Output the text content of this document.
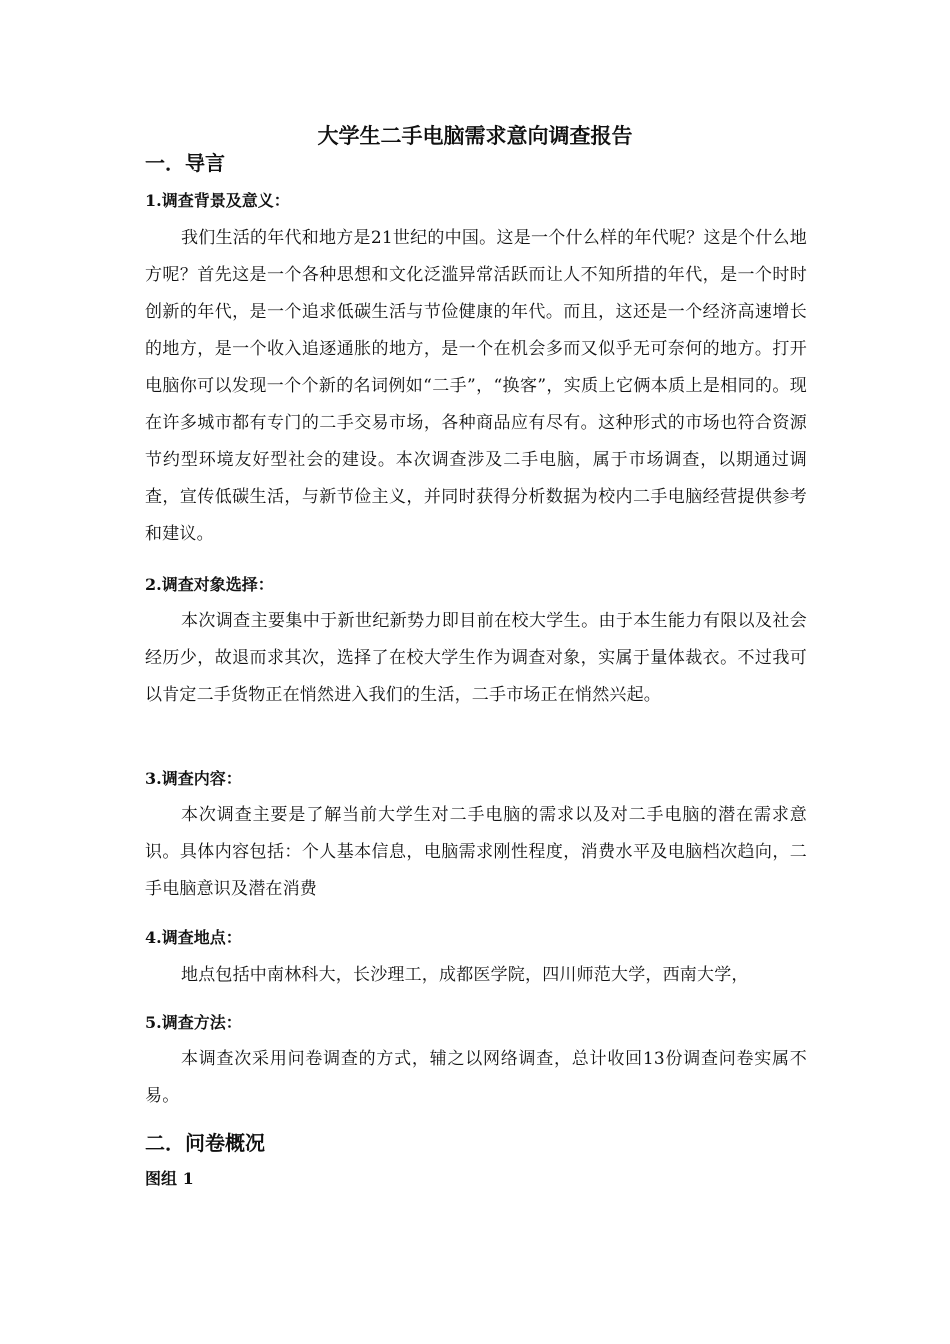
大学生二手电脑需求意向调查报告
一．导言
1.调查背景及意义：

我们生活的年代和地方是21世纪的中国。这是一个什么样的年代呢？这是个什么地方呢？首先这是一个各种思想和文化泛滥异常活跃而让人不知所措的年代，是一个时时创新的年代，是一个追求低碳生活与节俭健康的年代。而且，这还是一个经济高速增长的地方，是一个收入追逐通胀的地方，是一个在机会多而又似乎无可奈何的地方。打开电脑你可以发现一个个新的名词例如“二手”，“换客”，实质上它俩本质上是相同的。现在许多城市都有专门的二手交易市场，各种商品应有尽有。这种形式的市场也符合资源节约型环境友好型社会的建设。本次调查涉及二手电脑，属于市场调查，以期通过调查，宣传低碳生活，与新节俭主义，并同时获得分析数据为校内二手电脑经营提供参考和建议。

2.调查对象选择：

本次调查主要集中于新世纪新势力即目前在校大学生。由于本生能力有限以及社会经历少，故退而求其次，选择了在校大学生作为调查对象，实属于量体裁衣。不过我可以肯定二手货物正在悄然进入我们的生活，二手市场正在悄然兴起。

3.调查内容：

本次调查主要是了解当前大学生对二手电脑的需求以及对二手电脑的潜在需求意识。具体内容包括：个人基本信息，电脑需求刚性程度，消费水平及电脑档次趋向，二手电脑意识及潜在消费

4.调查地点：

地点包括中南林科大，长沙理工，成都医学院，四川师范大学，西南大学，

5.调查方法：

本调查次采用问卷调查的方式，辅之以网络调查，总计收回13份调查问卷实属不易。

二．问卷概况
图组 1
